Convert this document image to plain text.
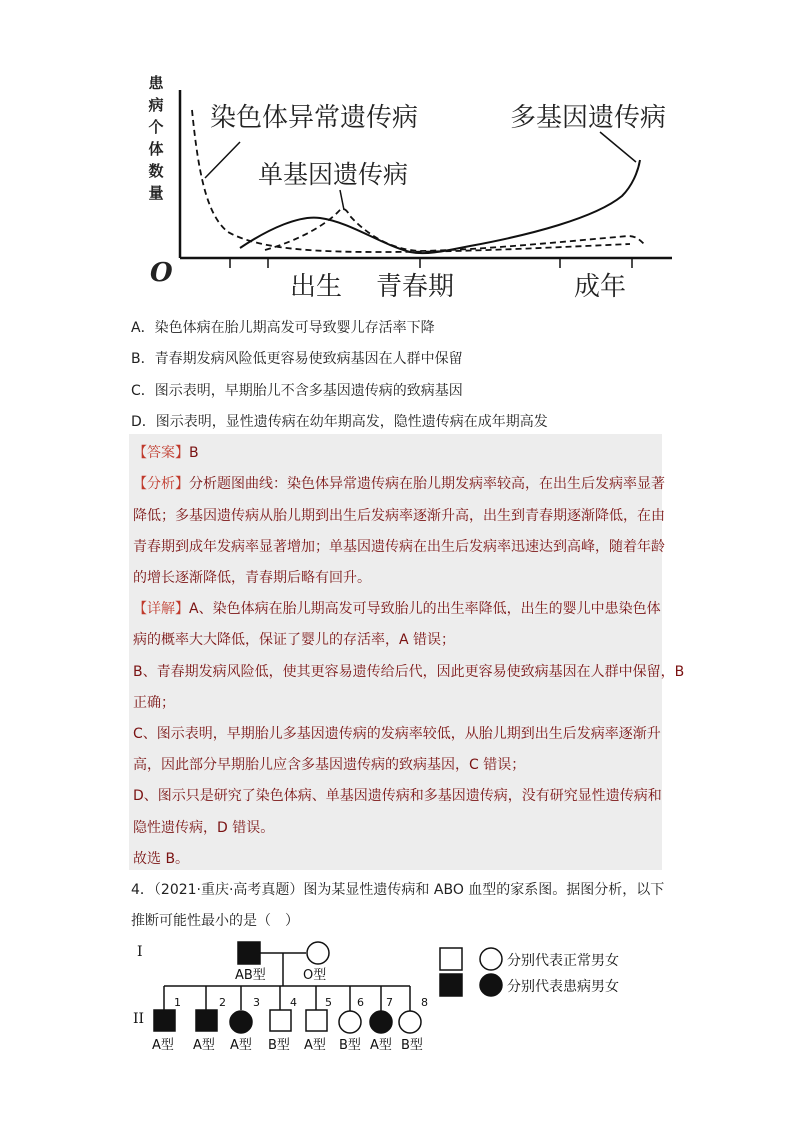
患
病
个
体
数
量
O
染色体异常遗传病
单基因遗传病
多基因遗传病
出生 青春期	成年
A．染色体病在胎儿期高发可导致婴儿存活率下降
B．青春期发病风险低更容易使致病基因在人群中保留
C．图示表明，早期胎儿不含多基因遗传病的致病基因
D．图示表明，显性遗传病在幼年期高发，隐性遗传病在成年期高发
【答案】B
【分析】分析题图曲线：染色体异常遗传病在胎儿期发病率较高，在出生后发病率显著
降低；多基因遗传病从胎儿期到出生后发病率逐渐升高，出生到青春期逐渐降低，在由
青春期到成年发病率显著增加；单基因遗传病在出生后发病率迅速达到高峰，随着年龄
的增长逐渐降低，青春期后略有回升。
【详解】A、染色体病在胎儿期高发可导致胎儿的出生率降低，出生的婴儿中患染色体
病的概率大大降低，保证了婴儿的存活率，A 错误；
B、青春期发病风险低，使其更容易遗传给后代，因此更容易使致病基因在人群中保留，B
正确；
C、图示表明，早期胎儿多基因遗传病的发病率较低，从胎儿期到出生后发病率逐渐升
高，因此部分早期胎儿应含多基因遗传病的致病基因，C 错误；
D、图示只是研究了染色体病、单基因遗传病和多基因遗传病，没有研究显性遗传病和
隐性遗传病，D 错误。
故选 B。
4．（2021·重庆·高考真题）图为某显性遗传病和 ABO 血型的家系图。据图分析，以下
推断可能性最小的是（　）
I
II
AB型	O型
1	2 3	4	5 6 7	8
A型 A型 A型 B型 A型 B型 A型 B型
分别代表正常男女
分别代表患病男女
